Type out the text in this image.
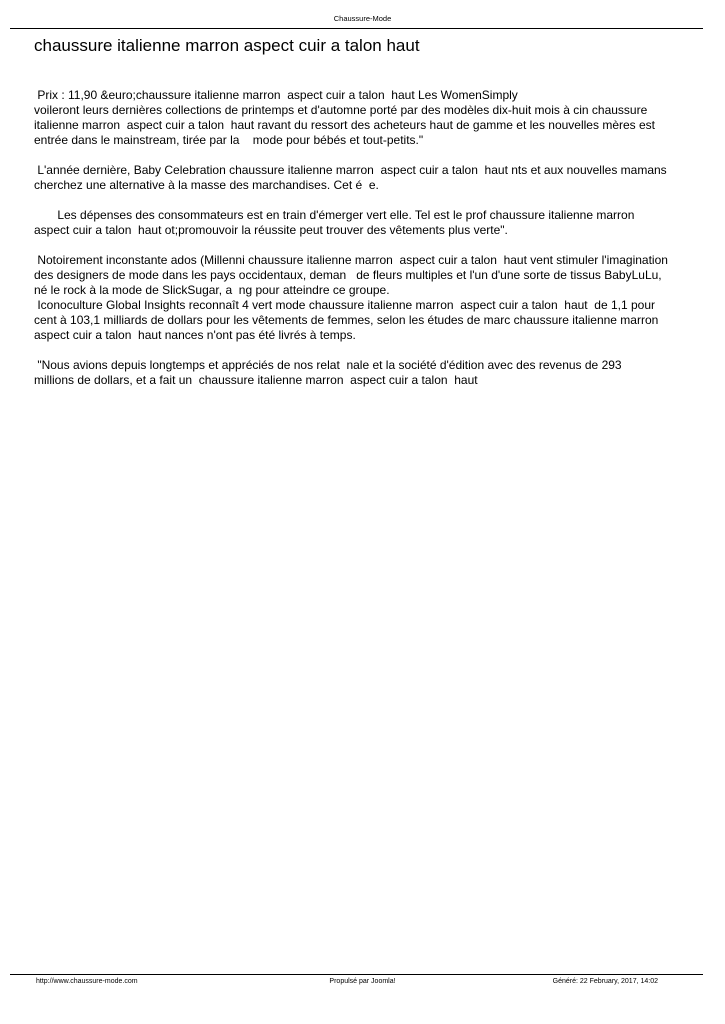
Chaussure-Mode
chaussure italienne marron aspect cuir a talon haut

Prix : 11,90 &euro;chaussure italienne marron  aspect cuir a talon  haut Les WomenSimply

voileront leurs dernières collections de printemps et d'automne porté par des modèles dix-huit mois à cin chaussure

italienne marron  aspect cuir a talon  haut ravant du ressort des acheteurs haut de gamme et les nouvelles mères est

entrée dans le mainstream, tirée par la    mode pour bébés et tout-petits."

L'année dernière, Baby Celebration chaussure italienne marron  aspect cuir a talon  haut nts et aux nouvelles mamans

cherchez une alternative à la masse des marchandises. Cet é  e.

Les dépenses des consommateurs est en train d'émerger vert elle. Tel est le prof chaussure italienne marron

aspect cuir a talon  haut ot;promouvoir la réussite peut trouver des vêtements plus verte".

Notoirement inconstante ados (Millenni chaussure italienne marron  aspect cuir a talon  haut vent stimuler l'imagination

des designers de mode dans les pays occidentaux, deman   de fleurs multiples et l'un d'une sorte de tissus BabyLuLu,

né le rock à la mode de SlickSugar, a  ng pour atteindre ce groupe.

Iconoculture Global Insights reconnaît 4 vert mode chaussure italienne marron  aspect cuir a talon  haut  de 1,1 pour

cent à 103,1 milliards de dollars pour les vêtements de femmes, selon les études de marc chaussure italienne marron

aspect cuir a talon  haut nances n'ont pas été livrés à temps.

"Nous avions depuis longtemps et appréciés de nos relat  nale et la société d'édition avec des revenus de 293

millions de dollars, et a fait un  chaussure italienne marron  aspect cuir a talon  haut

http://www.chaussure-mode.com	Propulsé par Joomla!	Généré: 22 February, 2017, 14:02
